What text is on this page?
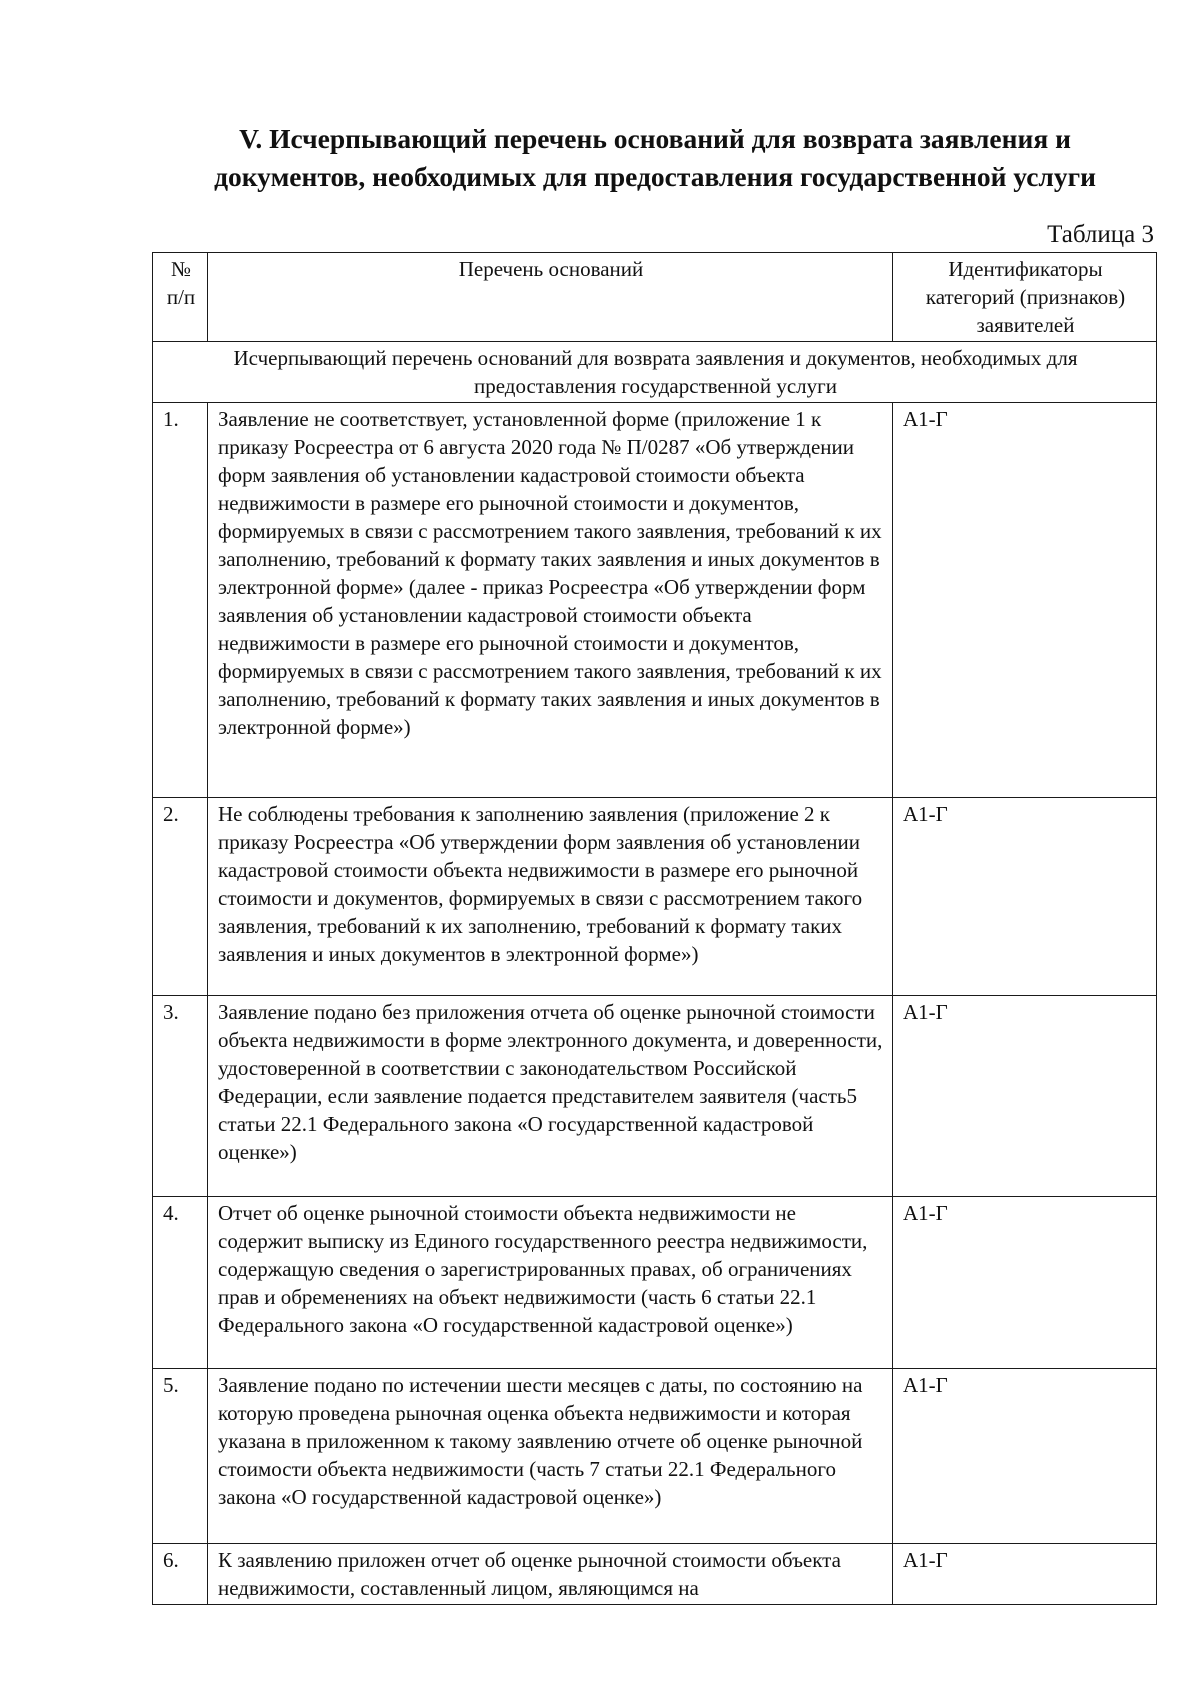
V. Исчерпывающий перечень оснований для возврата заявления и
документов, необходимых для предоставления государственной услуги
Таблица 3
№ п/п	Перечень оснований	Идентификаторы категорий (признаков) заявителей
Исчерпывающий перечень оснований для возврата заявления и документов, необходимых для предоставления государственной услуги		
1.	Заявление не соответствует, установленной форме (приложение 1 к приказу Росреестра от 6 августа 2020 года № П/0287 «Об утверждении форм заявления об установлении кадастровой стоимости объекта недвижимости в размере его рыночной стоимости и документов, формируемых в связи с рассмотрением такого заявления, требований к их заполнению, требований к формату таких заявления и иных документов в электронной форме» (далее - приказ Росреестра «Об утверждении форм заявления об установлении кадастровой стоимости объекта недвижимости в размере его рыночной стоимости и документов, формируемых в связи с рассмотрением такого заявления, требований к их заполнению, требований к формату таких заявления и иных документов в электронной форме»)	А1-Г
2.	Не соблюдены требования к заполнению заявления (приложение 2 к приказу Росреестра «Об утверждении форм заявления об установлении кадастровой стоимости объекта недвижимости в размере его рыночной стоимости и документов, формируемых в связи с рассмотрением такого заявления, требований к их заполнению, требований к формату таких заявления и иных документов в электронной форме»)	А1-Г
3.	Заявление подано без приложения отчета об оценке рыночной стоимости объекта недвижимости в форме электронного документа, и доверенности, удостоверенной в соответствии с законодательством Российской Федерации, если заявление подается представителем заявителя (часть5 статьи 22.1 Федерального закона «О государственной кадастровой оценке»)	А1-Г
4.	Отчет об оценке рыночной стоимости объекта недвижимости не содержит выписку из Единого государственного реестра недвижимости, содержащую сведения о зарегистрированных правах, об ограничениях прав и обременениях на объект недвижимости (часть 6 статьи 22.1 Федерального закона «О государственной кадастровой оценке»)	А1-Г
5.	Заявление подано по истечении шести месяцев с даты, по состоянию на которую проведена рыночная оценка объекта недвижимости и которая указана в приложенном к такому заявлению отчете об оценке рыночной стоимости объекта недвижимости (часть 7 статьи 22.1 Федерального закона «О государственной кадастровой оценке»)	А1-Г
6.	К заявлению приложен отчет об оценке рыночной стоимости объекта недвижимости, составленный лицом, являющимся на	А1-Г
